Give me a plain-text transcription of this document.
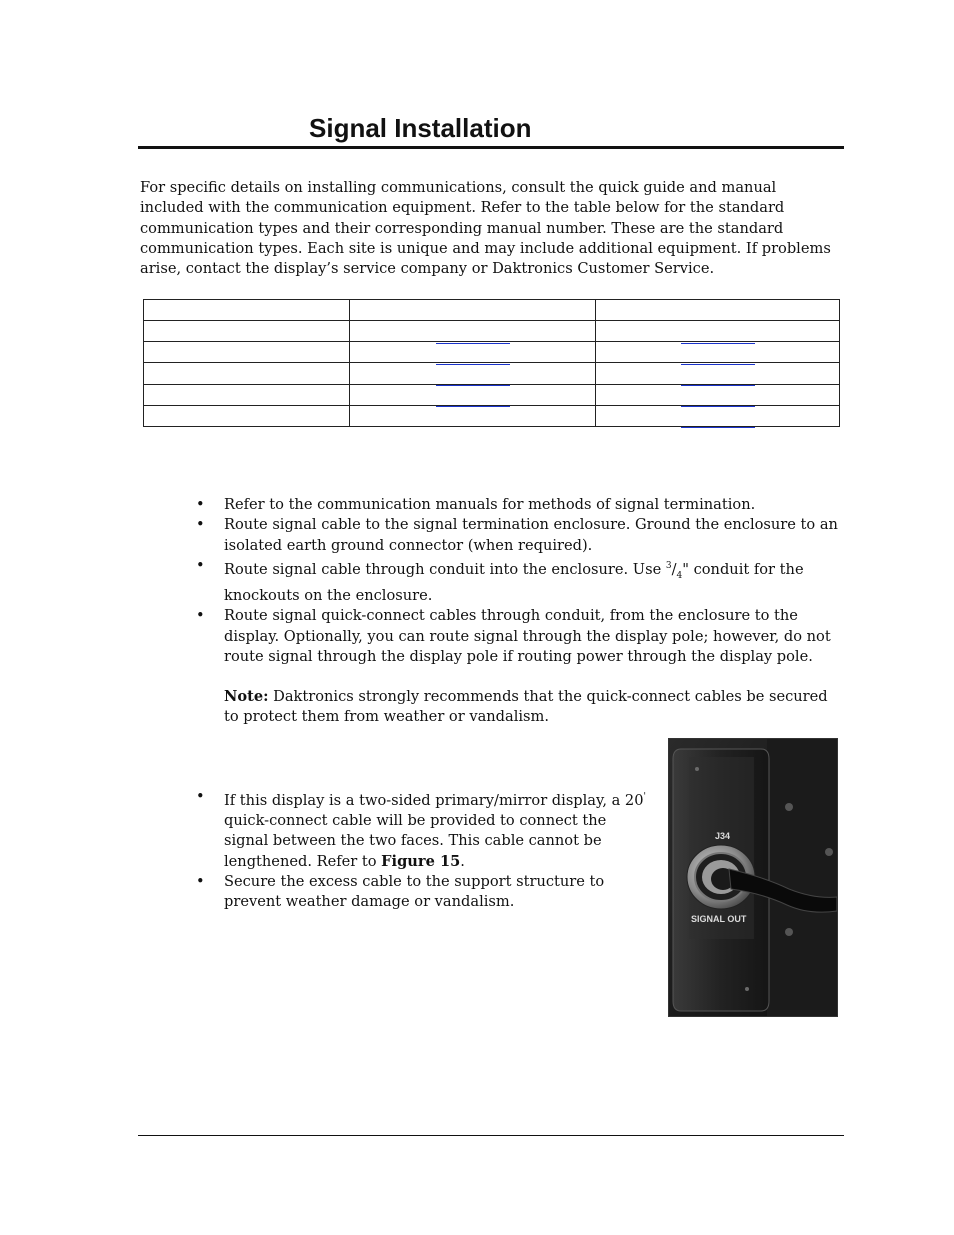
Signal Installation

For specific details on installing communications, consult the quick guide and manual included with the communication equipment. Refer to the table below for the standard communication types and their corresponding manual number. These are the standard communication types. Each site is unique and may include additional equipment. If problems arise, contact the display’s service company or Daktronics Customer Service.

• Refer to the communication manuals for methods of signal termination.
• Route signal cable to the signal termination enclosure. Ground the enclosure to an isolated earth ground connector (when required).
• Route signal cable through conduit into the enclosure. Use $^3/_4$" conduit for the knockouts on the enclosure.
• Route signal quick-connect cables through conduit, from the enclosure to the display. Optionally, you can route signal through the display pole; however, do not route signal through the display pole if routing power through the display pole.
Note: Daktronics strongly recommends that the quick-connect cables be secured to protect them from weather or vandalism.
• If this display is a two-sided primary/mirror display, a 20' quick-connect cable will be provided to connect the signal between the two faces. This cable cannot be lengthened. Refer to Figure 15.
• Secure the excess cable to the support structure to prevent weather damage or vandalism.
J34
SIGNAL OUT
